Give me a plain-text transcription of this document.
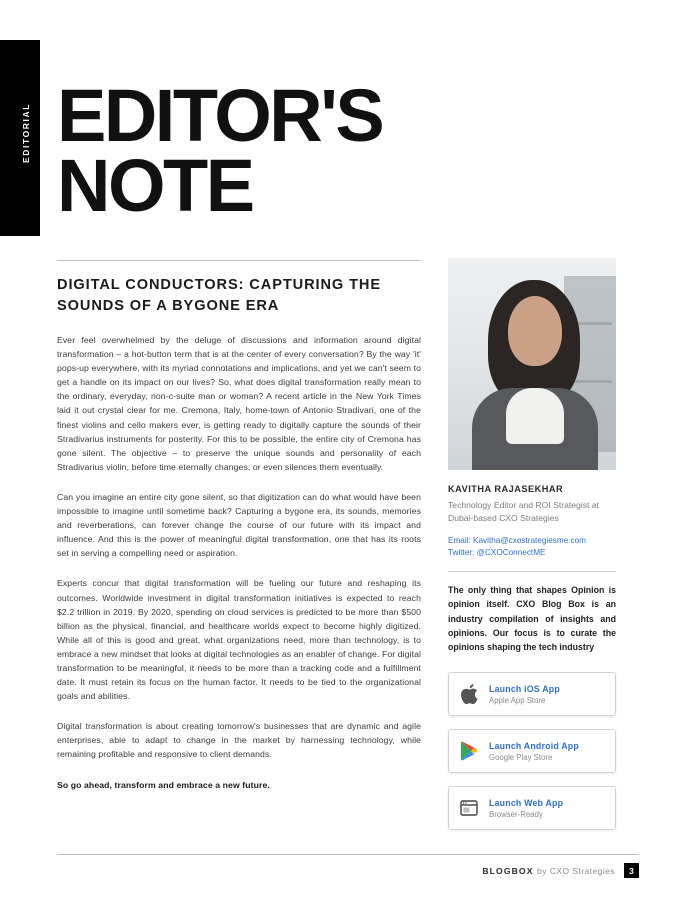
EDITORIAL EDITOR'S
NOTE
DIGITAL CONDUCTORS: CAPTURING THE SOUNDS OF A BYGONE ERA

Ever feel overwhelmed by the deluge of discussions and information around digital transformation – a hot-button term that is at the center of every conversation? By the way 'it' pops-up everywhere, with its myriad connotations and implications, and yet we can't seem to get a handle on its impact on our lives? So, what does digital transformation really mean to the ordinary, everyday, non-c-suite man or woman? A recent article in the New York Times laid it out crystal clear for me. Cremona, Italy, home-town of Antonio Stradivari, one of the finest violins and cello makers ever, is getting ready to digitally capture the sounds of their Stradivarius instruments for posterity. For this to be possible, the entire city of Cremona has gone silent. The objective – to preserve the unique sounds and personality of each Stradivarius violin, before time eternally changes, or even silences them eventually.

Can you imagine an entire city gone silent, so that digitization can do what would have been impossible to imagine until sometime back? Capturing a bygone era, its sounds, memories and reverberations, can forever change the course of our future with its impact and influence. And this is the power of meaningful digital transformation, one that has its roots set in serving a compelling need or aspiration.

Experts concur that digital transformation will be fueling our future and reshaping its outcomes. Worldwide investment in digital transformation initiatives is expected to reach $2.2 trillion in 2019. By 2020, spending on cloud services is predicted to be more than $500 billion as the physical, financial, and healthcare worlds expect to become highly digitized. While all of this is good and great, what organizations need, more than technology, is to embrace a new mindset that looks at digital technologies as an enabler of change. For digital transformation to be meaningful, it needs to be more than a tracking code and a fulfillment date. It must retain its focus on the human factor. It needs to be tied to the organizational goals and abilities.

Digital transformation is about creating tomorrow's businesses that are dynamic and agile enterprises, able to adapt to change in the market by harnessing technology, while remaining profitable and responsive to client demands.

So go ahead, transform and embrace a new future.

KAVITHA RAJASEKHAR

Technology Editor and ROI Strategist at Dubai-based CXO Strategies

Email: Kavitha@cxostrategiesme.com
Twitter: @CXOConnectME

The only thing that shapes Opinion is opinion itself. CXO Blog Box is an industry compilation of insights and opinions. Our focus is to curate the opinions shaping the tech industry

Launch iOS App
Apple App Store
Launch Android App
Google Play Store
Launch Web App
Browser-Ready
BLOGBOX by CXO Strategies	3
